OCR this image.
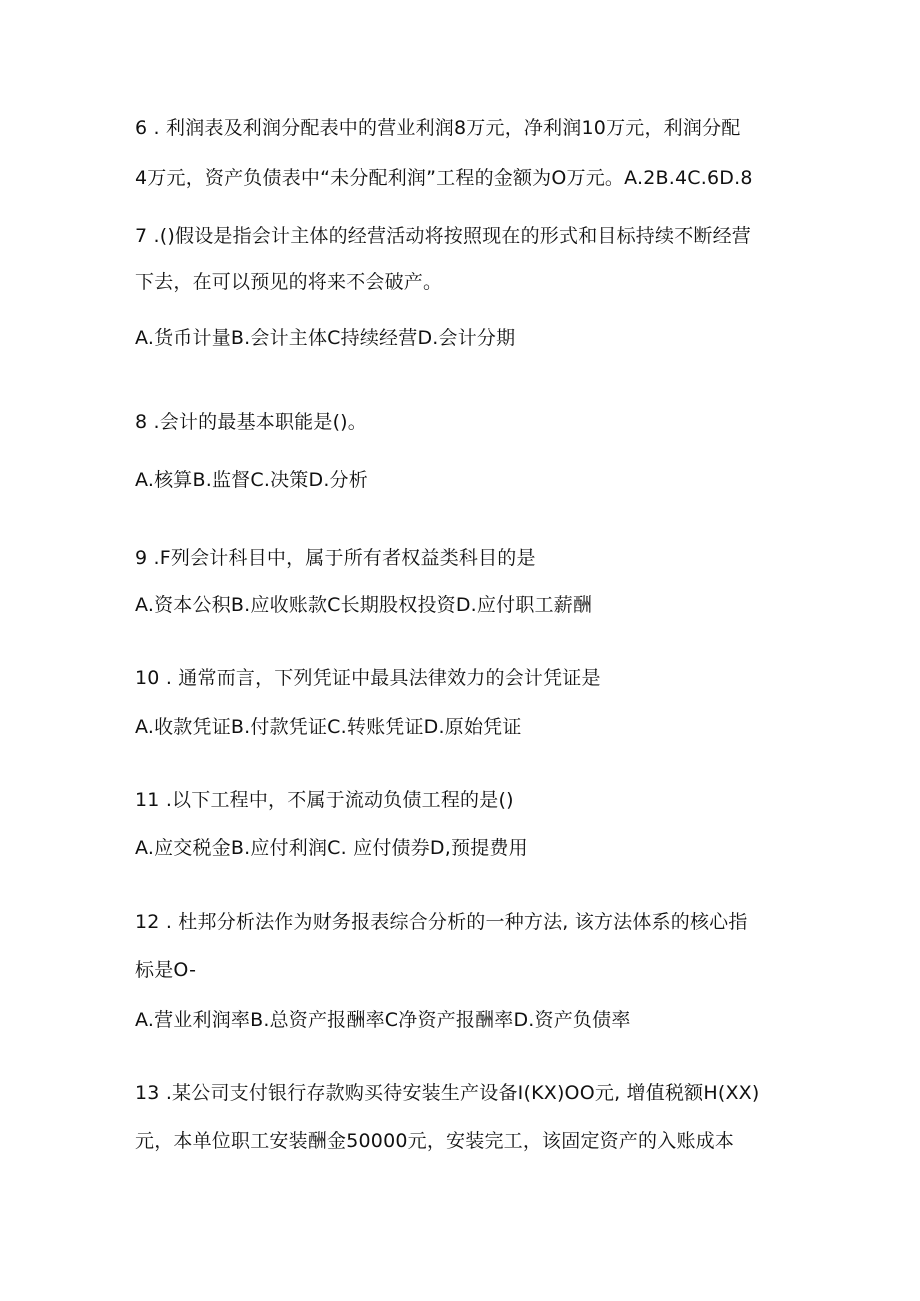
6 . 利润表及利润分配表中的营业利润8万元，净利润10万元，利润分配
4万元，资产负债表中“未分配利润”工程的金额为O万元。A.2B.4C.6D.8
7 .()假设是指会计主体的经营活动将按照现在的形式和目标持续不断经营
下去，在可以预见的将来不会破产。
A.货币计量B.会计主体C持续经营D.会计分期
8 .会计的最基本职能是()。
A.核算B.监督C.决策D.分析
9 .F列会计科目中，属于所有者权益类科目的是
A.资本公积B.应收账款C长期股权投资D.应付职工薪酬
10 . 通常而言，下列凭证中最具法律效力的会计凭证是
A.收款凭证B.付款凭证C.转账凭证D.原始凭证
11 .以下工程中，不属于流动负债工程的是()
A.应交税金B.应付利润C. 应付债券D,预提费用
12 . 杜邦分析法作为财务报表综合分析的一种方法, 该方法体系的核心指
标是O-
A.营业利润率B.总资产报酬率C净资产报酬率D.资产负债率
13 .某公司支付银行存款购买待安装生产设备I(KX)OO元, 增值税额H(XX)
元，本单位职工安装酬金50000元，安装完工，该固定资产的入账成本
